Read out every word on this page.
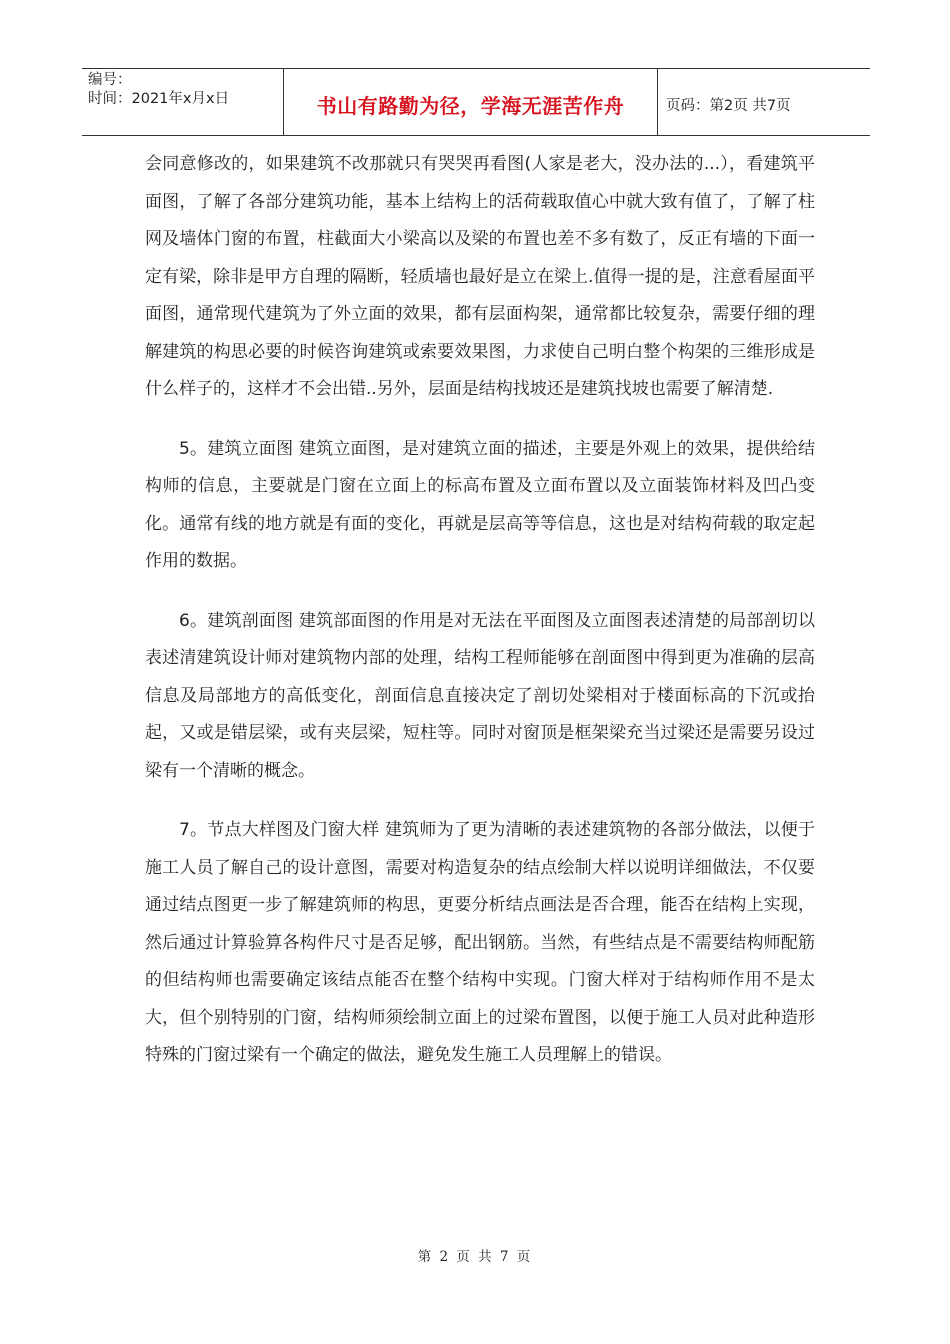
编号：
时间：2021年x月x日	书山有路勤为径，学海无涯苦作舟	页码：第2页 共7页

会同意修改的，如果建筑不改那就只有哭哭再看图(人家是老大，没办法的...），看建筑平面图，了解了各部分建筑功能，基本上结构上的活荷载取值心中就大致有值了，了解了柱网及墙体门窗的布置，柱截面大小梁高以及梁的布置也差不多有数了，反正有墙的下面一定有梁，除非是甲方自理的隔断，轻质墙也最好是立在梁上.值得一提的是，注意看屋面平面图，通常现代建筑为了外立面的效果，都有层面构架，通常都比较复杂，需要仔细的理解建筑的构思必要的时候咨询建筑或索要效果图，力求使自己明白整个构架的三维形成是什么样子的，这样才不会出错..另外，层面是结构找坡还是建筑找坡也需要了解清楚.

5。建筑立面图 建筑立面图，是对建筑立面的描述，主要是外观上的效果，提供给结构师的信息，主要就是门窗在立面上的标高布置及立面布置以及立面装饰材料及凹凸变化。通常有线的地方就是有面的变化，再就是层高等等信息，这也是对结构荷载的取定起作用的数据。

6。建筑剖面图 建筑部面图的作用是对无法在平面图及立面图表述清楚的局部剖切以表述清建筑设计师对建筑物内部的处理，结构工程师能够在剖面图中得到更为准确的层高信息及局部地方的高低变化，剖面信息直接决定了剖切处梁相对于楼面标高的下沉或抬起，又或是错层梁，或有夹层梁，短柱等。同时对窗顶是框架梁充当过梁还是需要另设过梁有一个清晰的概念。

7。节点大样图及门窗大样 建筑师为了更为清晰的表述建筑物的各部分做法，以便于施工人员了解自己的设计意图，需要对构造复杂的结点绘制大样以说明详细做法，不仅要通过结点图更一步了解建筑师的构思，更要分析结点画法是否合理，能否在结构上实现，然后通过计算验算各构件尺寸是否足够，配出钢筋。当然，有些结点是不需要结构师配筋的但结构师也需要确定该结点能否在整个结构中实现。门窗大样对于结构师作用不是太大，但个别特别的门窗，结构师须绘制立面上的过梁布置图，以便于施工人员对此种造形特殊的门窗过梁有一个确定的做法，避免发生施工人员理解上的错误。

第 2 页 共 7 页
